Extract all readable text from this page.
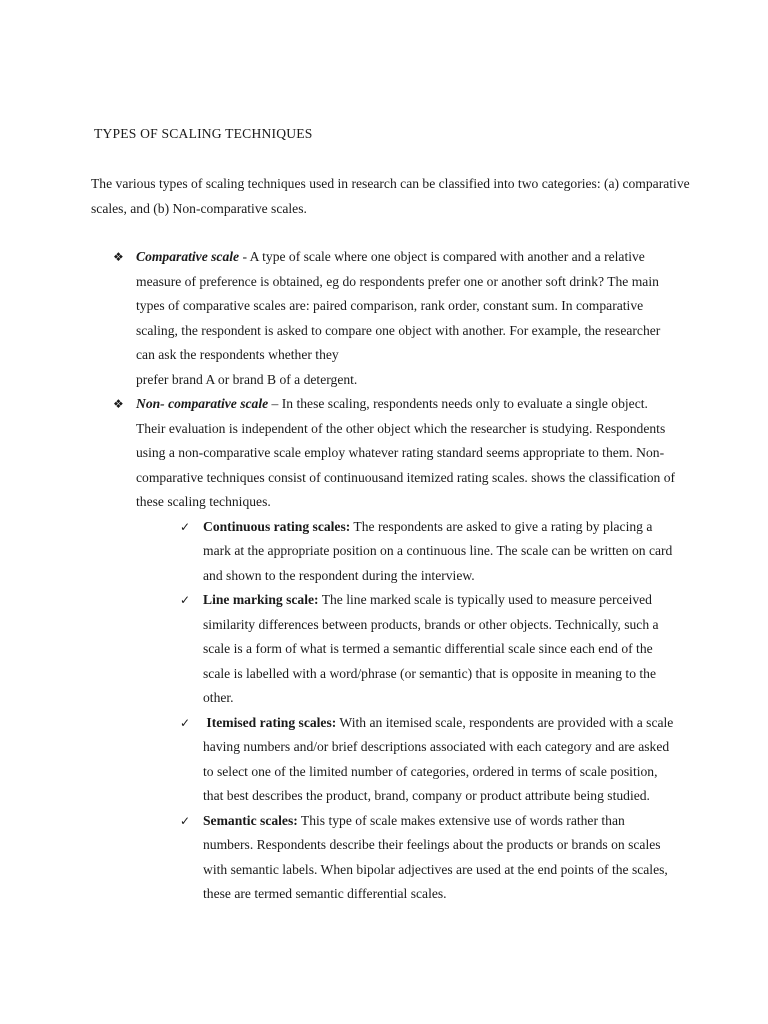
TYPES OF SCALING TECHNIQUES
The various types of scaling techniques used in research can be classified into two categories: (a) comparative scales, and (b) Non-comparative scales.
❖ Comparative scale - A type of scale where one object is compared with another and a relative measure of preference is obtained, eg do respondents prefer one or another soft drink? The main types of comparative scales are: paired comparison, rank order, constant sum. In comparative scaling, the respondent is asked to compare one object with another. For example, the researcher can ask the respondents whether they
prefer brand A or brand B of a detergent.
❖ Non- comparative scale – In these scaling, respondents needs only to evaluate a single object. Their evaluation is independent of the other object which the researcher is studying. Respondents using a non-comparative scale employ whatever rating standard seems appropriate to them. Non-comparative techniques consist of continuousand itemized rating scales. shows the classification of these scaling techniques.
✓ Continuous rating scales: The respondents are asked to give a rating by placing a mark at the appropriate position on a continuous line. The scale can be written on card and shown to the respondent during the interview.
✓ Line marking scale: The line marked scale is typically used to measure perceived similarity differences between products, brands or other objects. Technically, such a scale is a form of what is termed a semantic differential scale since each end of the scale is labelled with a word/phrase (or semantic) that is opposite in meaning to the other.
✓ Itemised rating scales: With an itemised scale, respondents are provided with a scale having numbers and/or brief descriptions associated with each category and are asked to select one of the limited number of categories, ordered in terms of scale position, that best describes the product, brand, company or product attribute being studied.
✓ Semantic scales: This type of scale makes extensive use of words rather than numbers. Respondents describe their feelings about the products or brands on scales with semantic labels. When bipolar adjectives are used at the end points of the scales, these are termed semantic differential scales.
